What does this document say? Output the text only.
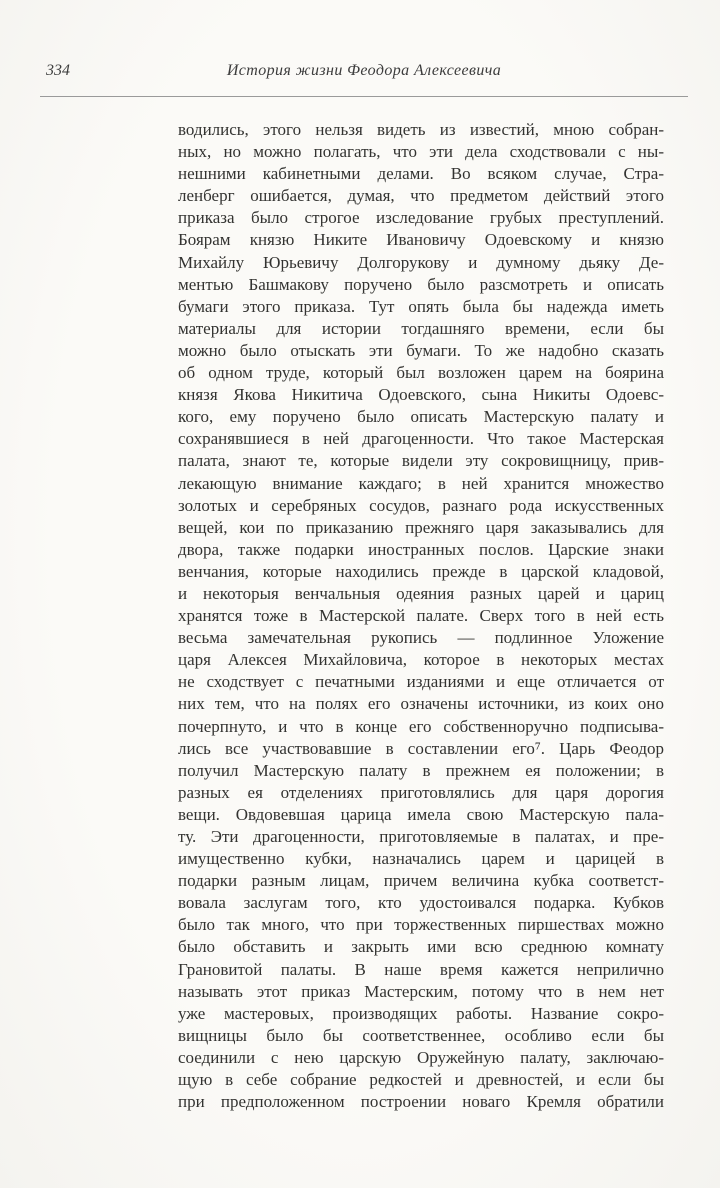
334	История жизни Феодора Алексеевича
водились, этого нельзя видеть из известий, мною собран-
ных, но можно полагать, что эти дела сходствовали с ны-
нешними кабинетными делами. Во всяком случае, Стра-
ленберг ошибается, думая, что предметом действий этого
приказа было строгое изследование грубых преступлений.
Боярам князю Никите Ивановичу Одоевскому и князю
Михайлу Юрьевичу Долгорукову и думному дьяку Де-
ментью Башмакову поручено было разсмотреть и описать
бумаги этого приказа. Тут опять была бы надежда иметь
материалы для истории тогдашняго времени, если бы
можно было отыскать эти бумаги. То же надобно сказать
об одном труде, который был возложен царем на боярина
князя Якова Никитича Одоевского, сына Никиты Одоевс-
кого, ему поручено было описать Мастерскую палату и
сохранявшиеся в ней драгоценности. Что такое Мастерская
палата, знают те, которые видели эту сокровищницу, прив-
лекающую внимание каждаго; в ней хранится множество
золотых и серебряных сосудов, разнаго рода искусственных
вещей, кои по приказанию прежняго царя заказывались для
двора, также подарки иностранных послов. Царские знаки
венчания, которые находились прежде в царской кладовой,
и некоторыя венчальныя одеяния разных царей и цариц
хранятся тоже в Мастерской палате. Сверх того в ней есть
весьма замечательная рукопись — подлинное Уложение
царя Алексея Михайловича, которое в некоторых местах
не сходствует с печатными изданиями и еще отличается от
них тем, что на полях его означены источники, из коих оно
почерпнуто, и что в конце его собственноручно подписыва-
лись все участвовавшие в составлении его⁷. Царь Феодор
получил Мастерскую палату в прежнем ея положении; в
разных ея отделениях приготовлялись для царя дорогия
вещи. Овдовевшая царица имела свою Мастерскую пала-
ту. Эти драгоценности, приготовляемые в палатах, и пре-
имущественно кубки, назначались царем и царицей в
подарки разным лицам, причем величина кубка соответст-
вовала заслугам того, кто удостоивался подарка. Кубков
было так много, что при торжественных пиршествах можно
было обставить и закрыть ими всю среднюю комнату
Грановитой палаты. В наше время кажется неприлично
называть этот приказ Мастерским, потому что в нем нет
уже мастеровых, производящих работы. Название сокро-
вищницы было бы соответственнее, особливо если бы
соединили с нею царскую Оружейную палату, заключаю-
щую в себе собрание редкостей и древностей, и если бы
при предположенном построении новаго Кремля обратили
